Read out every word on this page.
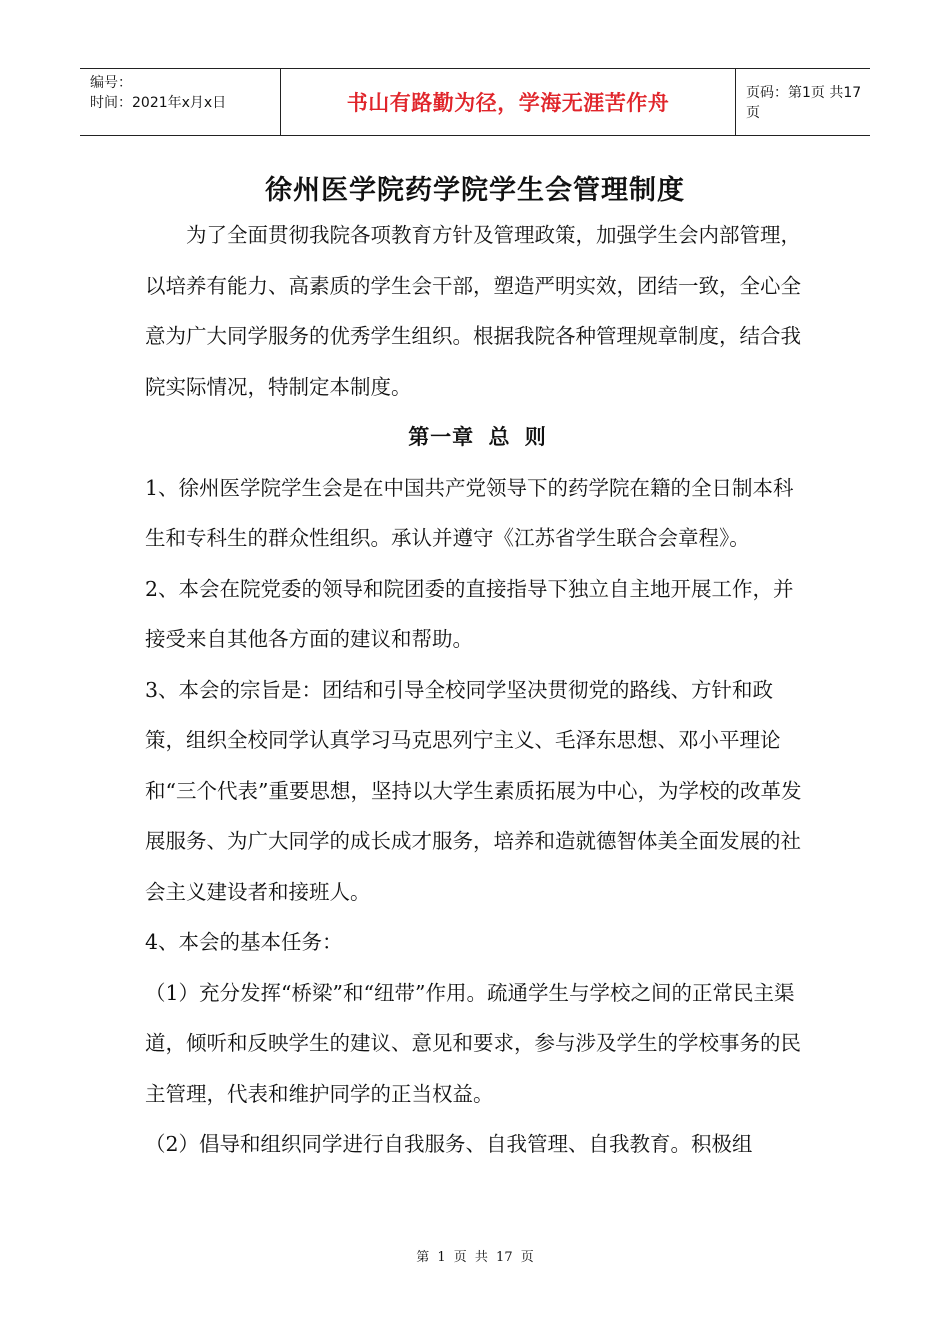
编号：
时间：2021年x月x日	书山有路勤为径，学海无涯苦作舟	页码：第1页 共17页
徐州医学院药学院学生会管理制度

为了全面贯彻我院各项教育方针及管理政策，加强学生会内部管理，以培养有能力、高素质的学生会干部，塑造严明实效，团结一致，全心全意为广大同学服务的优秀学生组织。根据我院各种管理规章制度，结合我院实际情况，特制定本制度。

第一章 总 则

1、徐州医学院学生会是在中国共产党领导下的药学院在籍的全日制本科生和专科生的群众性组织。承认并遵守《江苏省学生联合会章程》。

2、本会在院党委的领导和院团委的直接指导下独立自主地开展工作，并接受来自其他各方面的建议和帮助。

3、本会的宗旨是：团结和引导全校同学坚决贯彻党的路线、方针和政策，组织全校同学认真学习马克思列宁主义、毛泽东思想、邓小平理论和“三个代表”重要思想，坚持以大学生素质拓展为中心，为学校的改革发展服务、为广大同学的成长成才服务，培养和造就德智体美全面发展的社会主义建设者和接班人。

4、本会的基本任务：

（1）充分发挥“桥梁”和“纽带”作用。疏通学生与学校之间的正常民主渠道，倾听和反映学生的建议、意见和要求，参与涉及学生的学校事务的民主管理，代表和维护同学的正当权益。

（2）倡导和组织同学进行自我服务、自我管理、自我教育。积极组

第 1 页 共 17 页
